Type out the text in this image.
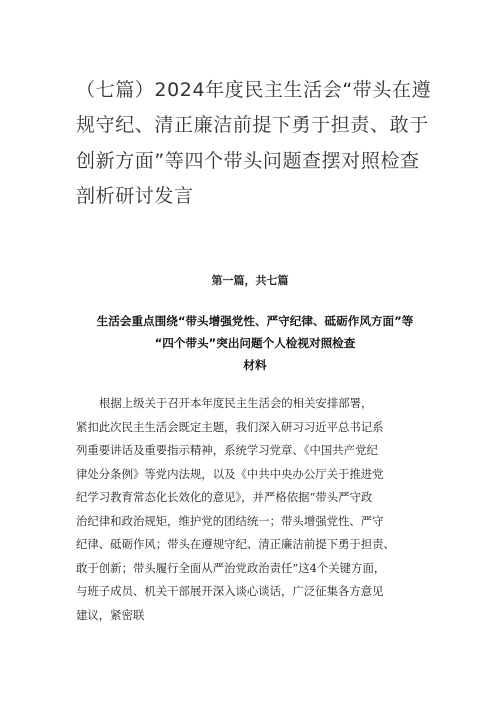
（七篇）2024年度民主生活会“带头在遵
规守纪、清正廉洁前提下勇于担责、敢于
创新方面”等四个带头问题查摆对照检查
剖析研讨发言
第一篇，共七篇
生活会重点围绕“带头增强党性、严守纪律、砥砺作风方面”等
“四个带头”突出问题个人检视对照检查
材料
根据上级关于召开本年度民主生活会的相关安排部署，
紧扣此次民主生活会既定主题，我们深入研习习近平总书记系
列重要讲话及重要指示精神，系统学习党章、《中国共产党纪
律处分条例》等党内法规，以及《中共中央办公厅关于推进党
纪学习教育常态化长效化的意见》，并严格依据“带头严守政
治纪律和政治规矩，维护党的团结统一；带头增强党性、严守
纪律、砥砺作风；带头在遵规守纪、清正廉洁前提下勇于担责、
敢于创新；带头履行全面从严治党政治责任”这4个关键方面，
与班子成员、机关干部展开深入谈心谈话，广泛征集各方意见
建议，紧密联
